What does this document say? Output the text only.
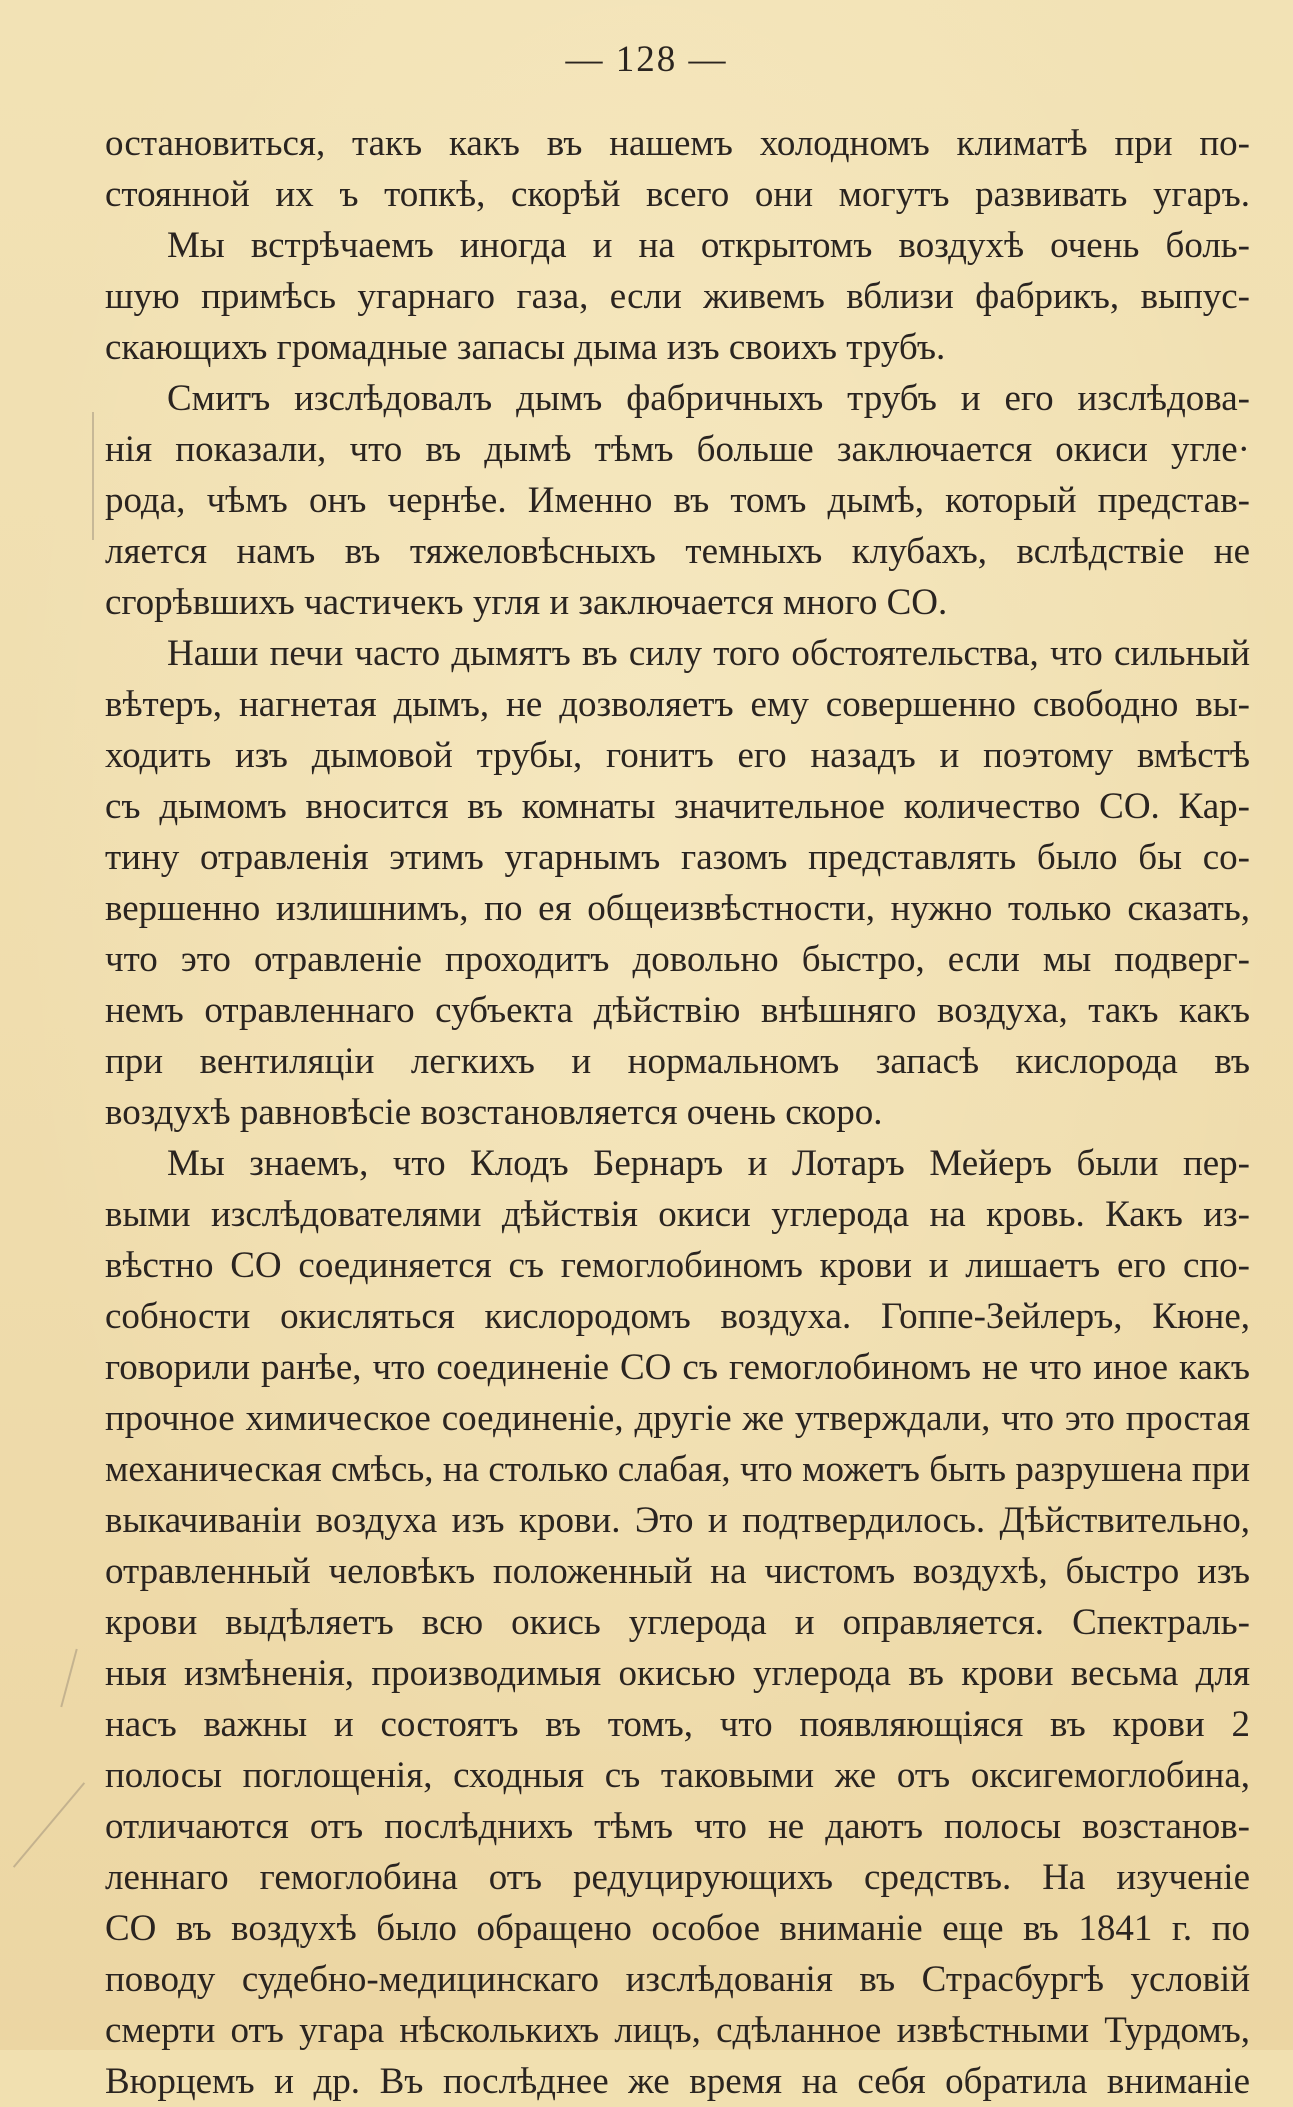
— 128 —
остановиться, такъ какъ въ нашемъ холодномъ климатѣ при по-
стоянной их ъ топкѣ, скорѣй всего они могутъ развивать угаръ.
Мы встрѣчаемъ иногда и на открытомъ воздухѣ очень боль-
шую примѣсь угарнаго газа, если живемъ вблизи фабрикъ, выпус-
скающихъ громадные запасы дыма изъ своихъ трубъ.
Смитъ изслѣдовалъ дымъ фабричныхъ трубъ и его изслѣдова-
нія показали, что въ дымѣ тѣмъ больше заключается окиси угле·
рода, чѣмъ онъ чернѣе. Именно въ томъ дымѣ, который представ-
ляется намъ въ тяжеловѣсныхъ темныхъ клубахъ, вслѣдствіе не
сгорѣвшихъ частичекъ угля и заключается много СО.
Наши печи часто дымятъ въ силу того обстоятельства, что сильный
вѣтеръ, нагнетая дымъ, не дозволяетъ ему совершенно свободно вы-
ходить изъ дымовой трубы, гонитъ его назадъ и поэтому вмѣстѣ
съ дымомъ вносится въ комнаты значительное количество СО. Кар-
тину отравленія этимъ угарнымъ газомъ представлять было бы со-
вершенно излишнимъ, по ея общеизвѣстности, нужно только сказать,
что это отравленіе проходитъ довольно быстро, если мы подверг-
немъ отравленнаго субъекта дѣйствію внѣшняго воздуха, такъ какъ
при вентиляціи легкихъ и нормальномъ запасѣ кислорода въ
воздухѣ равновѣсіе возстановляется очень скоро.
Мы знаемъ, что Клодъ Бернаръ и Лотаръ Мейеръ были пер-
выми изслѣдователями дѣйствія окиси углерода на кровь. Какъ из-
вѣстно СО соединяется съ гемоглобиномъ крови и лишаетъ его спо-
собности окисляться кислородомъ воздуха. Гоппе-Зейлеръ, Кюне,
говорили ранѣе, что соединеніе СО съ гемоглобиномъ не что иное какъ
прочное химическое соединеніе, другіе же утверждали, что это простая
механическая смѣсь, на столько слабая, что можетъ быть разрушена при
выкачиваніи воздуха изъ крови. Это и подтвердилось. Дѣйствительно,
отравленный человѣкъ положенный на чистомъ воздухѣ, быстро изъ
крови выдѣляетъ всю окись углерода и оправляется. Спектраль-
ныя измѣненія, производимыя окисью углерода въ крови весьма для
насъ важны и состоятъ въ томъ, что появляющіяся въ крови 2
полосы поглощенія, сходныя съ таковыми же отъ оксигемоглобина,
отличаются отъ послѣднихъ тѣмъ что не даютъ полосы возстанов-
леннаго гемоглобина отъ редуцирующихъ средствъ. На изученіе
СО въ воздухѣ было обращено особое вниманіе еще въ 1841 г. по
поводу судебно-медицинскаго изслѣдованія въ Страсбургѣ условій
смерти отъ угара нѣсколькихъ лицъ, сдѣланное извѣстными Турдомъ,
Вюрцемъ и др. Въ послѣднее же время на себя обратила вниманіе
